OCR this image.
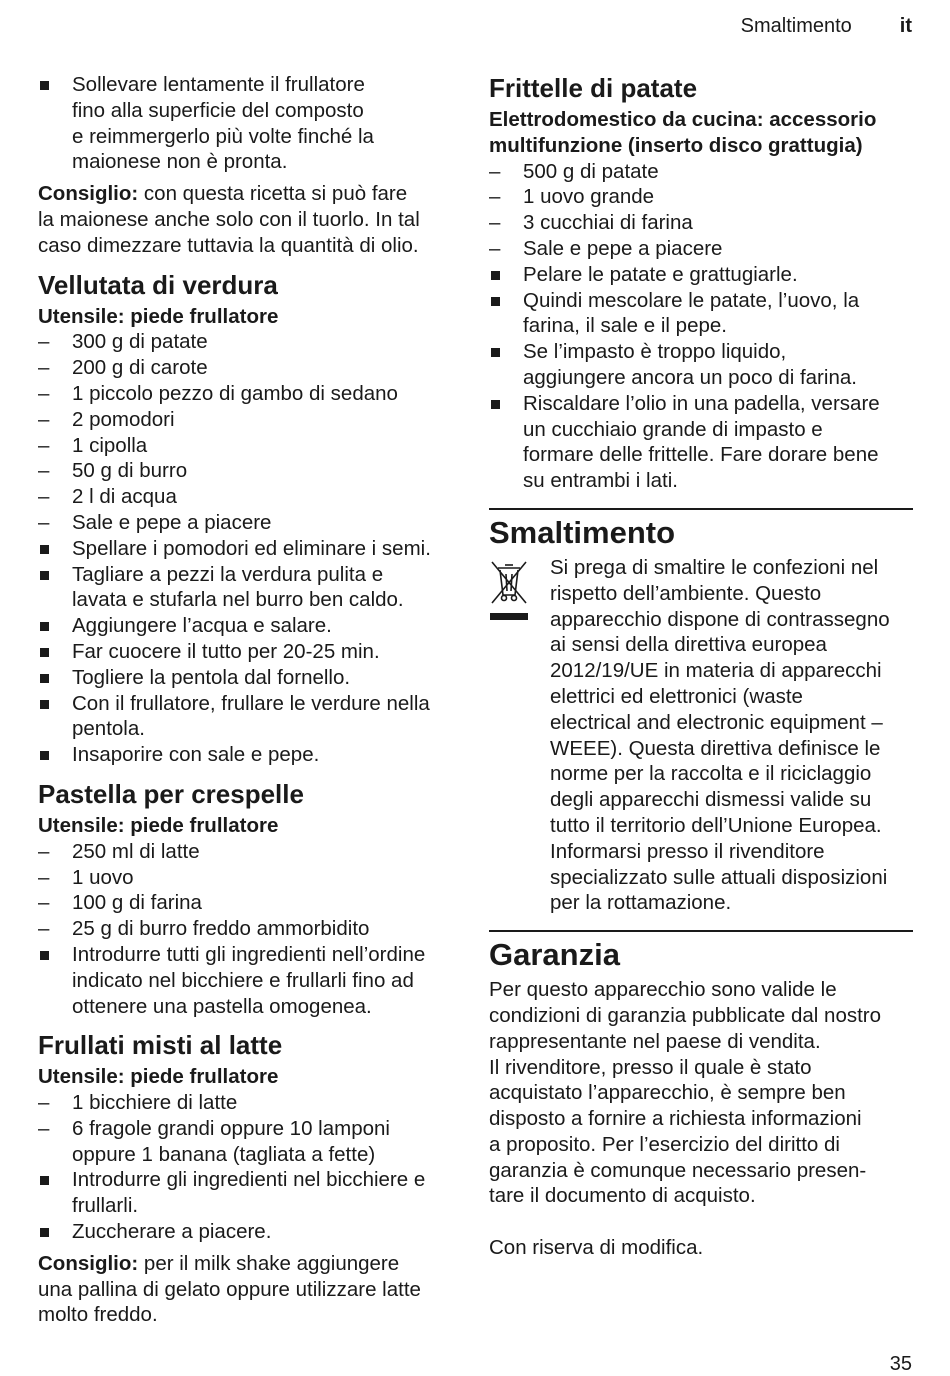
Smaltimento it
Sollevare lentamente il frullatore
fino alla superficie del composto
e reimmergerlo più volte finché la
maionese non è pronta.
Consiglio: con questa ricetta si può fare
la maionese anche solo con il tuorlo. In tal
caso dimezzare tuttavia la quantità di olio.
Vellutata di verdura
Utensile: piede frullatore
– 300 g di patate
– 200 g di carote
– 1 piccolo pezzo di gambo di sedano
– 2 pomodori
– 1 cipolla
– 50 g di burro
– 2 l di acqua
– Sale e pepe a piacere
Spellare i pomodori ed eliminare i semi.
Tagliare a pezzi la verdura pulita e
lavata e stufarla nel burro ben caldo.
Aggiungere l’acqua e salare.
Far cuocere il tutto per 20-25 min.
Togliere la pentola dal fornello.
Con il frullatore, frullare le verdure nella
pentola.
Insaporire con sale e pepe.
Pastella per crespelle
Utensile: piede frullatore
– 250 ml di latte
– 1 uovo
– 100 g di farina
– 25 g di burro freddo ammorbidito
Introdurre tutti gli ingredienti nell’ordine
indicato nel bicchiere e frullarli fino ad
ottenere una pastella omogenea.
Frullati misti al latte
Utensile: piede frullatore
– 1 bicchiere di latte
– 6 fragole grandi oppure 10 lamponi
oppure 1 banana (tagliata a fette)
Introdurre gli ingredienti nel bicchiere e
frullarli.
Zuccherare a piacere.
Consiglio: per il milk shake aggiungere
una pallina di gelato oppure utilizzare latte
molto freddo.
Frittelle di patate
Elettrodomestico da cucina: accessorio
multifunzione (inserto disco grattugia)
– 500 g di patate
– 1 uovo grande
– 3 cucchiai di farina
– Sale e pepe a piacere
Pelare le patate e grattugiarle.
Quindi mescolare le patate, l’uovo, la
farina, il sale e il pepe.
Se l’impasto è troppo liquido,
aggiungere ancora un poco di farina.
Riscaldare l’olio in una padella, versare
un cucchiaio grande di impasto e
formare delle frittelle. Fare dorare bene
su entrambi i lati.
Smaltimento
Si prega di smaltire le confezioni nel
rispetto dell’ambiente. Questo
apparecchio dispone di contrassegno
ai sensi della direttiva europea
2012/19/UE in materia di apparecchi
elettrici ed elettronici (waste
electrical and electronic equipment –
WEEE). Questa direttiva definisce le
norme per la raccolta e il riciclaggio
degli apparecchi dismessi valide su
tutto il territorio dell’Unione Europea.
Informarsi presso il rivenditore
specializzato sulle attuali disposizioni
per la rottamazione.
Garanzia
Per questo apparecchio sono valide le
condizioni di garanzia pubblicate dal nostro
rappresentante nel paese di vendita.
Il rivenditore, presso il quale è stato
acquistato l’apparecchio, è sempre ben
disposto a fornire a richiesta informazioni
a proposito. Per l’esercizio del diritto di
garanzia è comunque necessario presen-
tare il documento di acquisto.
Con riserva di modifica.
35
